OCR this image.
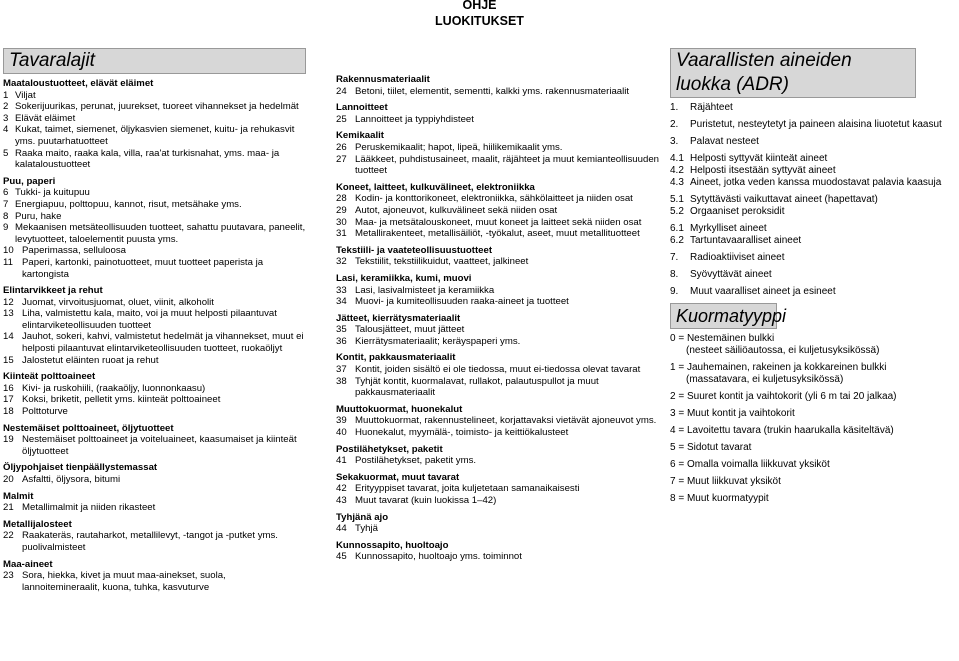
OHJE
LUOKITUKSET
Tavaralajit
Maataloustuotteet, elävät eläimet
1 Viljat
2 Sokerijuurikas, perunat, juurekset, tuoreet vihannekset ja hedelmät
3 Elävät eläimet
4 Kukat, taimet, siemenet, öljykasvien siemenet, kuitu- ja rehukasvit yms. puutarhatuotteet
5 Raaka maito, raaka kala, villa, raa'at turkisnahat, yms. maa- ja kalataloustuotteet
Puu, paperi
6 Tukki- ja kuitupuu
7 Energiapuu, polttopuu, kannot, risut, metsähake yms.
8 Puru, hake
9 Mekaanisen metsäteollisuuden tuotteet, sahattu puutavara, paneelit, levytuotteet, taloelementit puusta yms.
10 Paperimassa, selluloosa
11 Paperi, kartonki, painotuotteet, muut tuotteet paperista ja kartongista
Elintarvikkeet ja rehut
12 Juomat, virvoitusjuomat, oluet, viinit, alkoholit
13 Liha, valmistettu kala, maito, voi ja muut helposti pilaantuvat elintarviketeollisuuden tuotteet
14 Jauhot, sokeri, kahvi, valmistetut hedelmät ja vihannekset, muut ei helposti pilaantuvat elintarviketeollisuuden tuotteet, ruokaöljyt
15 Jalostetut eläinten ruoat ja rehut
Kiinteät polttoaineet
16 Kivi- ja ruskohiili, (raakaöljy, luonnonkaasu)
17 Koksi, briketit, pelletit yms. kiinteät polttoaineet
18 Polttoturve
Nestemäiset polttoaineet, öljytuotteet
19 Nestemäiset polttoaineet ja voiteluaineet, kaasumaiset ja kiinteät öljytuotteet
Öljypohjaiset tienpäällystemassat
20 Asfaltti, öljysora, bitumi
Malmit
21 Metallimalmit ja niiden rikasteet
Metallijalosteet
22 Raakateräs, rautaharkot, metallilevyt, -tangot ja -putket yms. puolivalmisteet
Maa-aineet
23 Sora, hiekka, kivet ja muut maa-ainekset, suola, lannoitemineraalit, kuona, tuhka, kasvuturve
Rakennusmateriaalit
24 Betoni, tiilet, elementit, sementti, kalkki yms. rakennusmateriaalit
Lannoitteet
25 Lannoitteet ja typpiyhdisteet
Kemikaalit
26 Peruskemikaalit; hapot, lipeä, hiilikemikaalit yms.
27 Lääkkeet, puhdistusaineet, maalit, räjähteet ja muut kemianteollisuuden tuotteet
Koneet, laitteet, kulkuvälineet, elektroniikka
28 Kodin- ja konttorikoneet, elektroniikka, sähkölaitteet ja niiden osat
29 Autot, ajoneuvot, kulkuvälineet sekä niiden osat
30 Maa- ja metsätalouskoneet, muut koneet ja laitteet sekä niiden osat
31 Metallirakenteet, metallisäiliöt, -työkalut, aseet, muut metallituotteet
Tekstiili- ja vaateteollisuustuotteet
32 Tekstiilit, tekstiilikuidut, vaatteet, jalkineet
Lasi, keramiikka, kumi, muovi
33 Lasi, lasivalmisteet ja keramiikka
34 Muovi- ja kumiteollisuuden raaka-aineet ja tuotteet
Jätteet, kierrätysmateriaalit
35 Talousjätteet, muut jätteet
36 Kierrätysmateriaalit; keräyspaperi yms.
Kontit, pakkausmateriaalit
37 Kontit, joiden sisältö ei ole tiedossa, muut ei-tiedossa olevat tavarat
38 Tyhjät kontit, kuormalavat, rullakot, palautuspullot ja muut pakkausmateriaalit
Muuttokuormat, huonekalut
39 Muuttokuormat, rakennustelineet, korjattavaksi vietävät ajoneuvot yms.
40 Huonekalut, myymälä-, toimisto- ja keittiökalusteet
Postilähetykset, paketit
41 Postilähetykset, paketit yms.
Sekakuormat, muut tavarat
42 Erityyppiset tavarat, joita kuljetetaan samanaikaisesti
43 Muut tavarat (kuin luokissa 1–42)
Tyhjänä ajo
44 Tyhjä
Kunnossapito, huoltoajo
45 Kunnossapito, huoltoajo yms. toiminnot
Vaarallisten aineiden luokka (ADR)
1.	Räjähteet
2.	Puristetut, nesteytetyt ja paineen alaisina liuotetut kaasut
3.	Palavat nesteet
4.1 Helposti syttyvät kiinteät aineet
4.2 Helposti itsestään syttyvät aineet
4.3 Aineet, jotka veden kanssa muodostavat palavia kaasuja
5.1 Sytyttävästi vaikuttavat aineet (hapettavat)
5.2 Orgaaniset peroksidit
6.1 Myrkylliset aineet
6.2 Tartuntavaaralliset aineet
7.	Radioaktiiviset aineet
8.	Syövyttävät aineet
9.	Muut vaaralliset aineet ja esineet
Kuormatyyppi
0 = Nestemäinen bulkki
(nesteet säiliöautossa, ei kuljetusyksikössä)
1 = Jauhemainen, rakeinen ja kokkareinen bulkki
(massatavara, ei kuljetusyksikössä)
2 = Suuret kontit ja vaihtokorit (yli 6 m tai 20 jalkaa)
3 = Muut kontit ja vaihtokorit
4 = Lavoitettu tavara (trukin haarukalla käsiteltävä)
5 = Sidotut tavarat
6 = Omalla voimalla liikkuvat yksiköt
7 = Muut liikkuvat yksiköt
8 = Muut kuormatyypit
